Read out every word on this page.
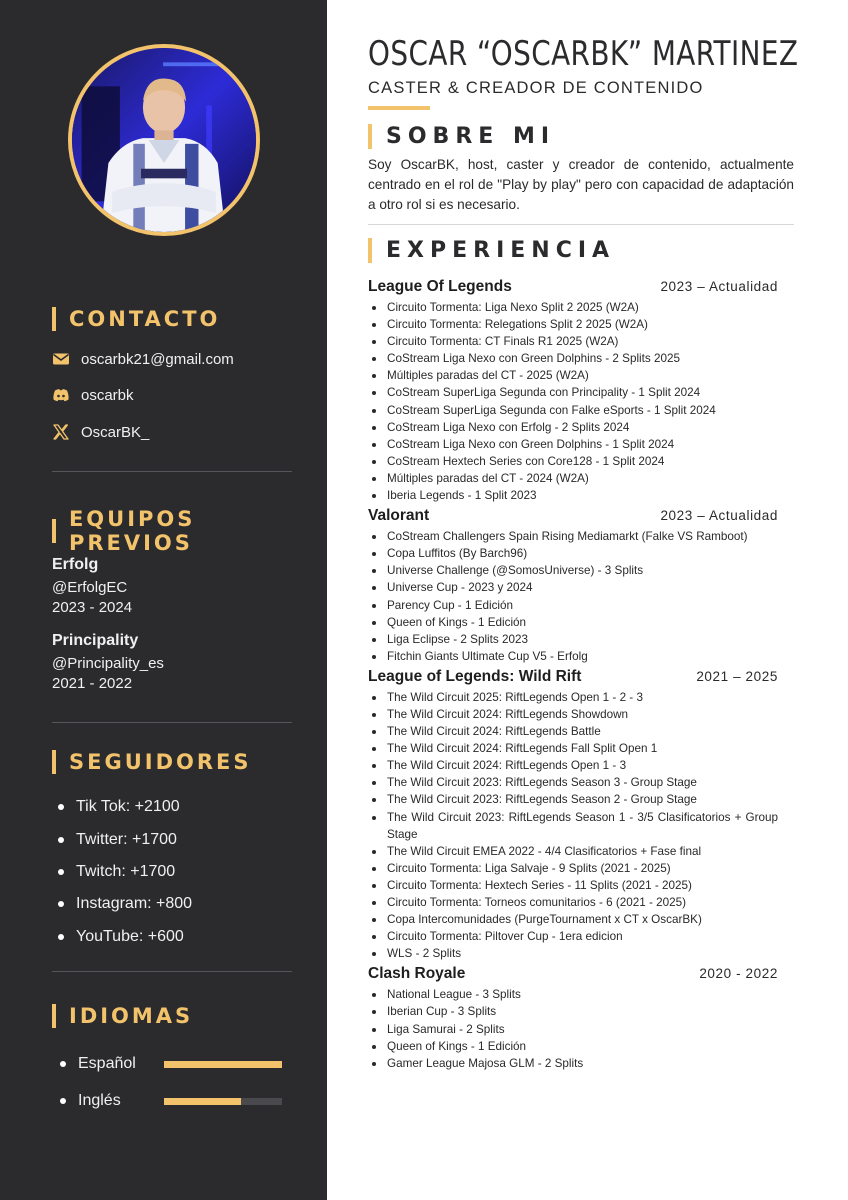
CONTACTO
oscarbk21@gmail.com
oscarbk
OscarBK_
EQUIPOS PREVIOS
Erfolg
@ErfolgEC
2023 - 2024
Principality
@Principality_es
2021 - 2022
SEGUIDORES
Tik Tok: +2100
Twitter: +1700
Twitch: +1700
Instagram: +800
YouTube: +600
IDIOMAS
Español
Inglés
OSCAR “OSCARBK” MARTINEZ
CASTER & CREADOR DE CONTENIDO
SOBRE MI

Soy OscarBK, host, caster y creador de contenido, actualmente centrado en el rol de "Play by play" pero con capacidad de adaptación a otro rol si es necesario.

EXPERIENCIA
League Of Legends	2023 – Actualidad
Circuito Tormenta: Liga Nexo Split 2 2025 (W2A)
Circuito Tormenta: Relegations Split 2 2025 (W2A)
Circuito Tormenta: CT Finals R1 2025 (W2A)
CoStream Liga Nexo con Green Dolphins - 2 Splits 2025
Múltiples paradas del CT - 2025 (W2A)
CoStream SuperLiga Segunda con Principality - 1 Split 2024
CoStream SuperLiga Segunda con Falke eSports - 1 Split 2024
CoStream Liga Nexo con Erfolg - 2 Splits 2024
CoStream Liga Nexo con Green Dolphins - 1 Split 2024
CoStream Hextech Series con Core128 - 1 Split 2024
Múltiples paradas del CT - 2024 (W2A)
Iberia Legends - 1 Split 2023
Valorant	2023 – Actualidad
CoStream Challengers Spain Rising Mediamarkt (Falke VS Ramboot)
Copa Luffitos (By Barch96)
Universe Challenge (@SomosUniverse) - 3 Splits
Universe Cup - 2023 y 2024
Parency Cup - 1 Edición
Queen of Kings - 1 Edición
Liga Eclipse - 2 Splits 2023
Fitchin Giants Ultimate Cup V5 - Erfolg
League of Legends: Wild Rift	2021 – 2025
The Wild Circuit 2025: RiftLegends Open 1 - 2 - 3
The Wild Circuit 2024: RiftLegends Showdown
The Wild Circuit 2024: RiftLegends Battle
The Wild Circuit 2024: RiftLegends Fall Split Open 1
The Wild Circuit 2024: RiftLegends Open 1 - 3
The Wild Circuit 2023: RiftLegends Season 3 - Group Stage
The Wild Circuit 2023: RiftLegends Season 2 - Group Stage
The Wild Circuit 2023: RiftLegends Season 1 - 3/5 Clasificatorios + Group Stage
The Wild Circuit EMEA 2022 - 4/4 Clasificatorios + Fase final
Circuito Tormenta: Liga Salvaje - 9 Splits (2021 - 2025)
Circuito Tormenta: Hextech Series - 11 Splits (2021 - 2025)
Circuito Tormenta: Torneos comunitarios - 6 (2021 - 2025)
Copa Intercomunidades (PurgeTournament x CT x OscarBK)
Circuito Tormenta: Piltover Cup - 1era edicion
WLS - 2 Splits
Clash Royale	2020 - 2022
National League - 3 Splits
Iberian Cup - 3 Splits
Liga Samurai - 2 Splits
Queen of Kings - 1 Edición
Gamer League Majosa GLM - 2 Splits
